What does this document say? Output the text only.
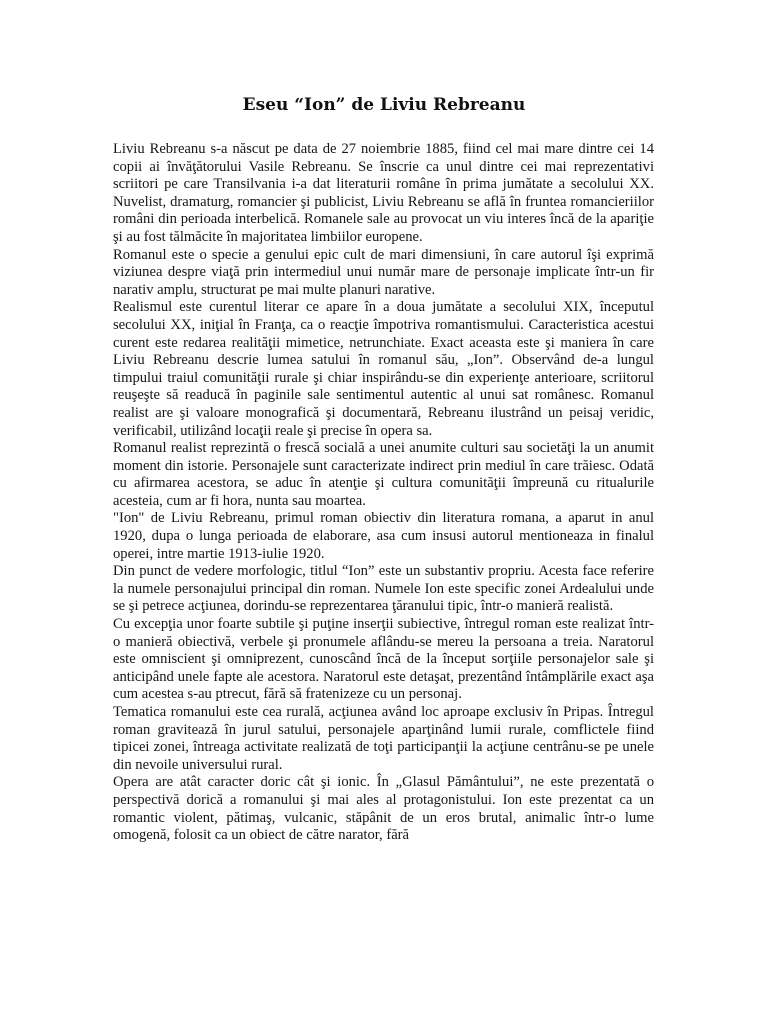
Eseu “Ion” de Liviu Rebreanu

Liviu Rebreanu s-a născut pe data de 27 noiembrie 1885, fiind cel mai mare dintre cei 14 copii ai învăţătorului Vasile Rebreanu. Se înscrie ca unul dintre cei mai reprezentativi scriitori pe care Transilvania i-a dat literaturii române în prima jumătate a secolului XX. Nuvelist, dramaturg, romancier şi publicist, Liviu Rebreanu se află în fruntea romancieriilor români din perioada interbelică. Romanele sale au provocat un viu interes încă de la apariţie şi au fost tălmăcite în majoritatea limbiilor europene.

Romanul este o specie a genului epic cult de mari dimensiuni, în care autorul îşi exprimă viziunea despre viaţă prin intermediul unui număr mare de personaje implicate într-un fir narativ amplu, structurat pe mai multe planuri narative.

Realismul este curentul literar ce apare în a doua jumătate a secolului XIX, începutul secolului XX, iniţial în Franţa, ca o reacţie împotriva romantismului. Caracteristica acestui curent este redarea realităţii mimetice, netrunchiate. Exact aceasta este şi maniera în care Liviu Rebreanu descrie lumea satului în romanul său, „Ion”. Observând de-a lungul timpului traiul comunităţii rurale şi chiar inspirându-se din experienţe anterioare, scriitorul reuşeşte să readucă în paginile sale sentimentul autentic al unui sat românesc. Romanul realist are şi valoare monografică şi documentară, Rebreanu ilustrând un peisaj veridic, verificabil, utilizând locaţii reale şi precise în opera sa.

Romanul realist reprezintă o frescă socială a unei anumite culturi sau societăţi la un anumit moment din istorie. Personajele sunt caracterizate indirect prin mediul în care trăiesc. Odată cu afirmarea acestora, se aduc în atenţie şi cultura comunităţii împreună cu ritualurile acesteia, cum ar fi hora, nunta sau moartea.

"Ion" de Liviu Rebreanu, primul roman obiectiv din literatura romana, a aparut in anul 1920, dupa o lunga perioada de elaborare, asa cum insusi autorul mentioneaza in finalul operei, intre martie 1913-iulie 1920.

Din punct de vedere morfologic, titlul “Ion” este un substantiv propriu. Acesta face referire la numele personajului principal din roman. Numele Ion este specific zonei Ardealului unde se şi petrece acţiunea, dorindu-se reprezentarea ţăranului tipic, într-o manieră realistă.

Cu excepţia unor foarte subtile şi puţine inserţii subiective, întregul roman este realizat într-o manieră obiectivă, verbele şi pronumele aflându-se mereu la persoana a treia. Naratorul este omniscient şi omniprezent, cunoscând încă de la început sorţiile personajelor sale şi anticipând unele fapte ale acestora. Naratorul este detaşat, prezentând întâmplările exact aşa cum acestea s-au ptrecut, fără să fratenizeze cu un personaj.

Tematica romanului este cea rurală, acţiunea având loc aproape exclusiv în Pripas. Întregul roman gravitează în jurul satului, personajele aparţinând lumii rurale, comflictele fiind tipicei zonei, întreaga activitate realizată de toţi participanţii la acţiune centrânu-se pe unele din nevoile universului rural.

Opera are atât caracter doric cât şi ionic. În „Glasul Pământului”, ne este prezentată o perspectivă dorică a romanului şi mai ales al protagonistului. Ion este prezentat ca un romantic violent, pătimaş, vulcanic, stăpânit de un eros brutal, animalic într-o lume omogenă, folosit ca un obiect de către narator, fără
